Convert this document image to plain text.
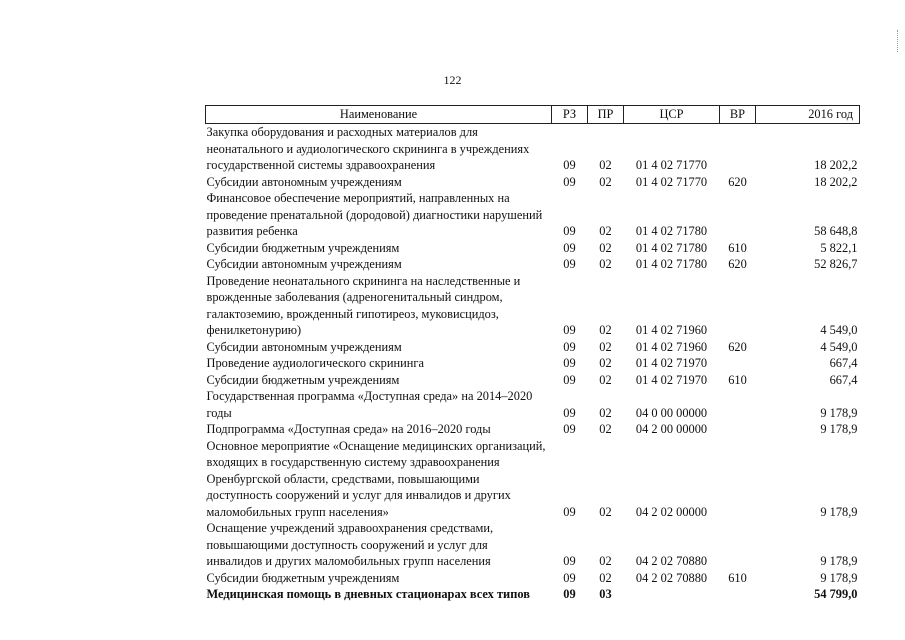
122
Наименование	РЗ	ПР	ЦСР	ВР	2016 год
Закупка оборудования и расходных материалов для неонатального и аудиологического скрининга в учреждениях государственной системы здравоохранения	09	02	01 4 02 71770		18 202,2
Субсидии автономным учреждениям	09	02	01 4 02 71770	620	18 202,2
Финансовое обеспечение мероприятий, направленных на проведение пренатальной (дородовой) диагностики нарушений развития ребенка	09	02	01 4 02 71780		58 648,8
Субсидии бюджетным учреждениям	09	02	01 4 02 71780	610	5 822,1
Субсидии автономным учреждениям	09	02	01 4 02 71780	620	52 826,7
Проведение неонатального скрининга на наследственные и врожденные заболевания (адреногенитальный синдром, галактоземию, врожденный гипотиреоз, муковисцидоз, фенилкетонурию)	09	02	01 4 02 71960		4 549,0
Субсидии автономным учреждениям	09	02	01 4 02 71960	620	4 549,0
Проведение аудиологического скрининга	09	02	01 4 02 71970		667,4
Субсидии бюджетным учреждениям	09	02	01 4 02 71970	610	667,4
Государственная программа «Доступная среда» на 2014–2020 годы	09	02	04 0 00 00000		9 178,9
Подпрограмма «Доступная среда» на 2016–2020 годы	09	02	04 2 00 00000		9 178,9
Основное мероприятие «Оснащение медицинских организаций, входящих в государственную систему здравоохранения Оренбургской области, средствами, повышающими доступность сооружений и услуг для инвалидов и других маломобильных групп населения»	09	02	04 2 02 00000		9 178,9
Оснащение учреждений здравоохранения средствами, повышающими доступность сооружений и услуг для инвалидов и других маломобильных групп населения	09	02	04 2 02 70880		9 178,9
Субсидии бюджетным учреждениям	09	02	04 2 02 70880	610	9 178,9
Медицинская помощь в дневных стационарах всех типов	09	03			54 799,0
